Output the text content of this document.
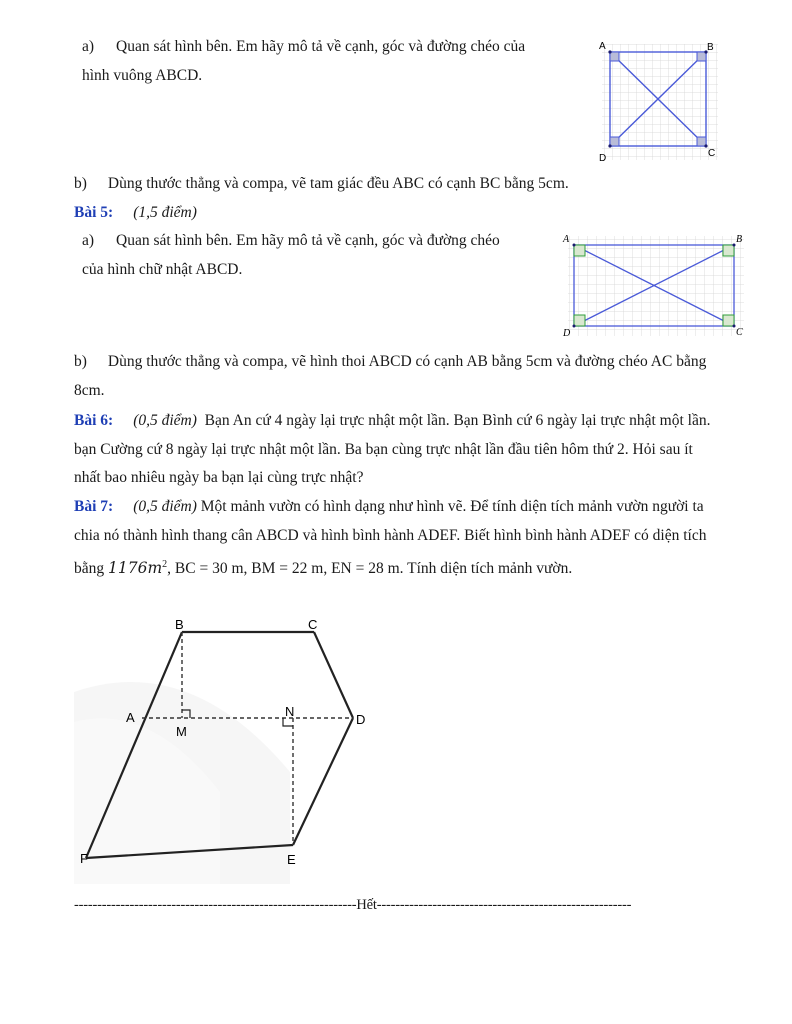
a) Quan sát hình bên. Em hãy mô tả về cạnh, góc và đường chéo của
hình vuông ABCD.
A	B
C
D
b) Dùng thước thẳng và compa, vẽ tam giác đều ABC có cạnh BC bằng 5cm.
Bài 5: (1,5 điểm)
a) Quan sát hình bên. Em hãy mô tả về cạnh, góc và đường chéo
của hình chữ nhật ABCD.
A	B
C
D
b) Dùng thước thẳng và compa, vẽ hình thoi ABCD có cạnh AB bằng 5cm và đường chéo AC bằng
8cm.
Bài 6: (0,5 điểm) Bạn An cứ 4 ngày lại trực nhật một lần. Bạn Bình cứ 6 ngày lại trực nhật một lần.
bạn Cường cứ 8 ngày lại trực nhật một lần. Ba bạn cùng trực nhật lần đầu tiên hôm thứ 2. Hỏi sau ít
nhất bao nhiêu ngày ba bạn lại cùng trực nhật?
Bài 7: (0,5 điểm) Một mảnh vườn có hình dạng như hình vẽ. Để tính diện tích mảnh vườn người ta
chia nó thành hình thang cân ABCD và hình bình hành ADEF. Biết hình bình hành ADEF có diện tích
bằng $1176m^2$, BC = 30 m, BM = 22 m, EN = 28 m. Tính diện tích mảnh vườn.
B	C
A	D
M
N
F	E
-------------------------------------------------------------Hết-------------------------------------------------------
